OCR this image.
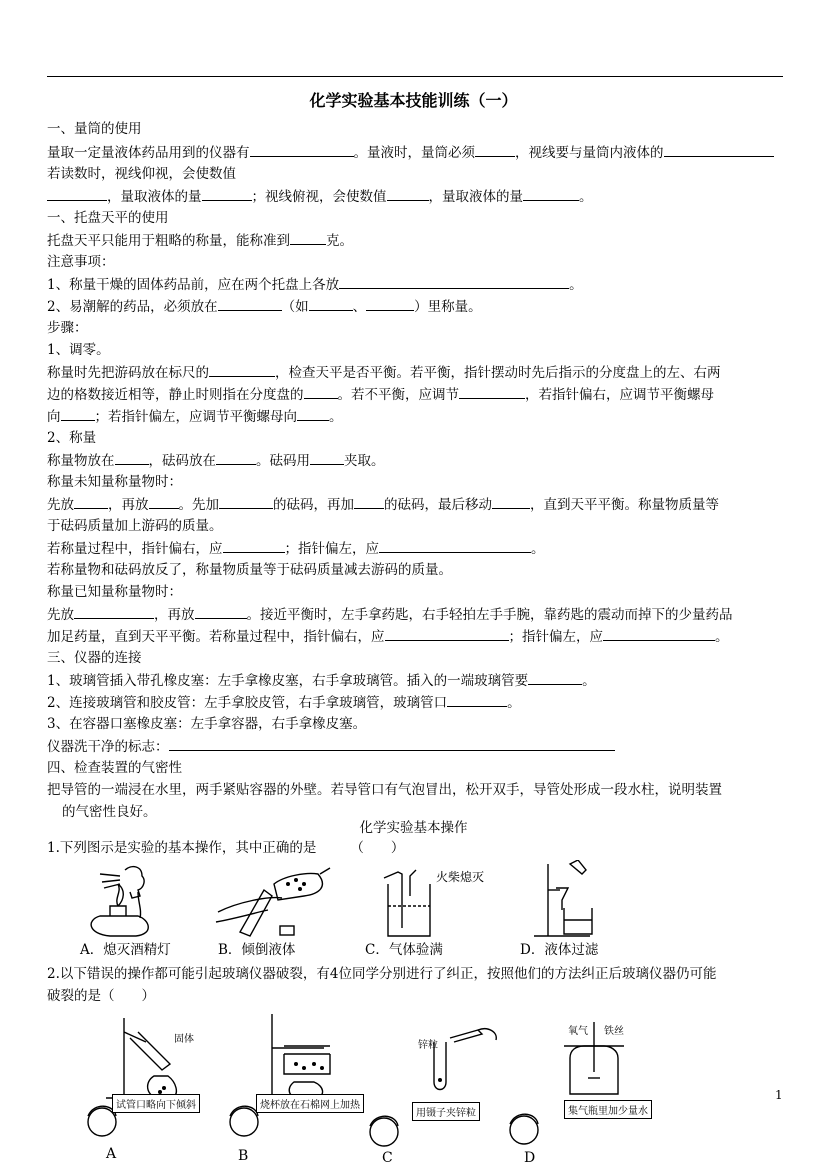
化学实验基本技能训练（一）
一、量筒的使用
量取一定量液体药品用到的仪器有	。量液时，量筒必须	，视线要与量筒内液体的
若读数时，视线仰视，会使数值
，量取液体的量	；视线俯视，会使数值	，量取液体的量	。
一、托盘天平的使用
托盘天平只能用于粗略的称量，能称准到	克。
注意事项：
1、称量干燥的固体药品前，应在两个托盘上各放	。
2、易潮解的药品，必须放在	（如	、	）里称量。
步骤：
1、调零。
称量时先把游码放在标尺的	，检查天平是否平衡。若平衡，指针摆动时先后指示的分度盘上的左、右两
边的格数接近相等，静止时则指在分度盘的	。若不平衡，应调节	，若指针偏右，应调节平衡螺母
向	；若指针偏左，应调节平衡螺母向 。
2、称量
称量物放在	，砝码放在	。砝码用	夹取。
称量未知量称量物时：
先放	，再放 。先加	的砝码，再加 的砝码，最后移动	，直到天平平衡。称量物质量等
于砝码质量加上游码的质量。
若称量过程中，指针偏右，应	；指针偏左，应	。
若称量物和砝码放反了，称量物质量等于砝码质量减去游码的质量。
称量已知量称量物时：
先放	，再放	。接近平衡时，左手拿药匙，右手轻拍左手手腕，靠药匙的震动而掉下的少量药品
加足药量，直到天平平衡。若称量过程中，指针偏右，应	；指针偏左，应	。
三、仪器的连接
1、玻璃管插入带孔橡皮塞：左手拿橡皮塞，右手拿玻璃管。插入的一端玻璃管要	。
2、连接玻璃管和胶皮管：左手拿胶皮管，右手拿玻璃管，玻璃管口	。
3、在容器口塞橡皮塞：左手拿容器，右手拿橡皮塞。
仪器洗干净的标志：
四、检查装置的气密性
把导管的一端浸在水里，两手紧贴容器的外壁。若导管口有气泡冒出，松开双手，导管处形成一段水柱，说明装置
的气密性良好。
化学实验基本操作
1.下列图示是实验的基本操作，其中正确的是	（　　）
火柴熄灭
A．熄灭酒精灯	B．倾倒液体	C．气体验满	D．液体过滤
2.以下错误的操作都可能引起玻璃仪器破裂，有4位同学分别进行了纠正，按照他们的方法纠正后玻璃仪器仍可能
破裂的是（　　）
固体
锌粒
氧气 铁丝
试管口略向下倾斜	烧杯放在石棉网上加热
用镊子夹锌粒	集气瓶里加少量水
A	B	C	D
1
